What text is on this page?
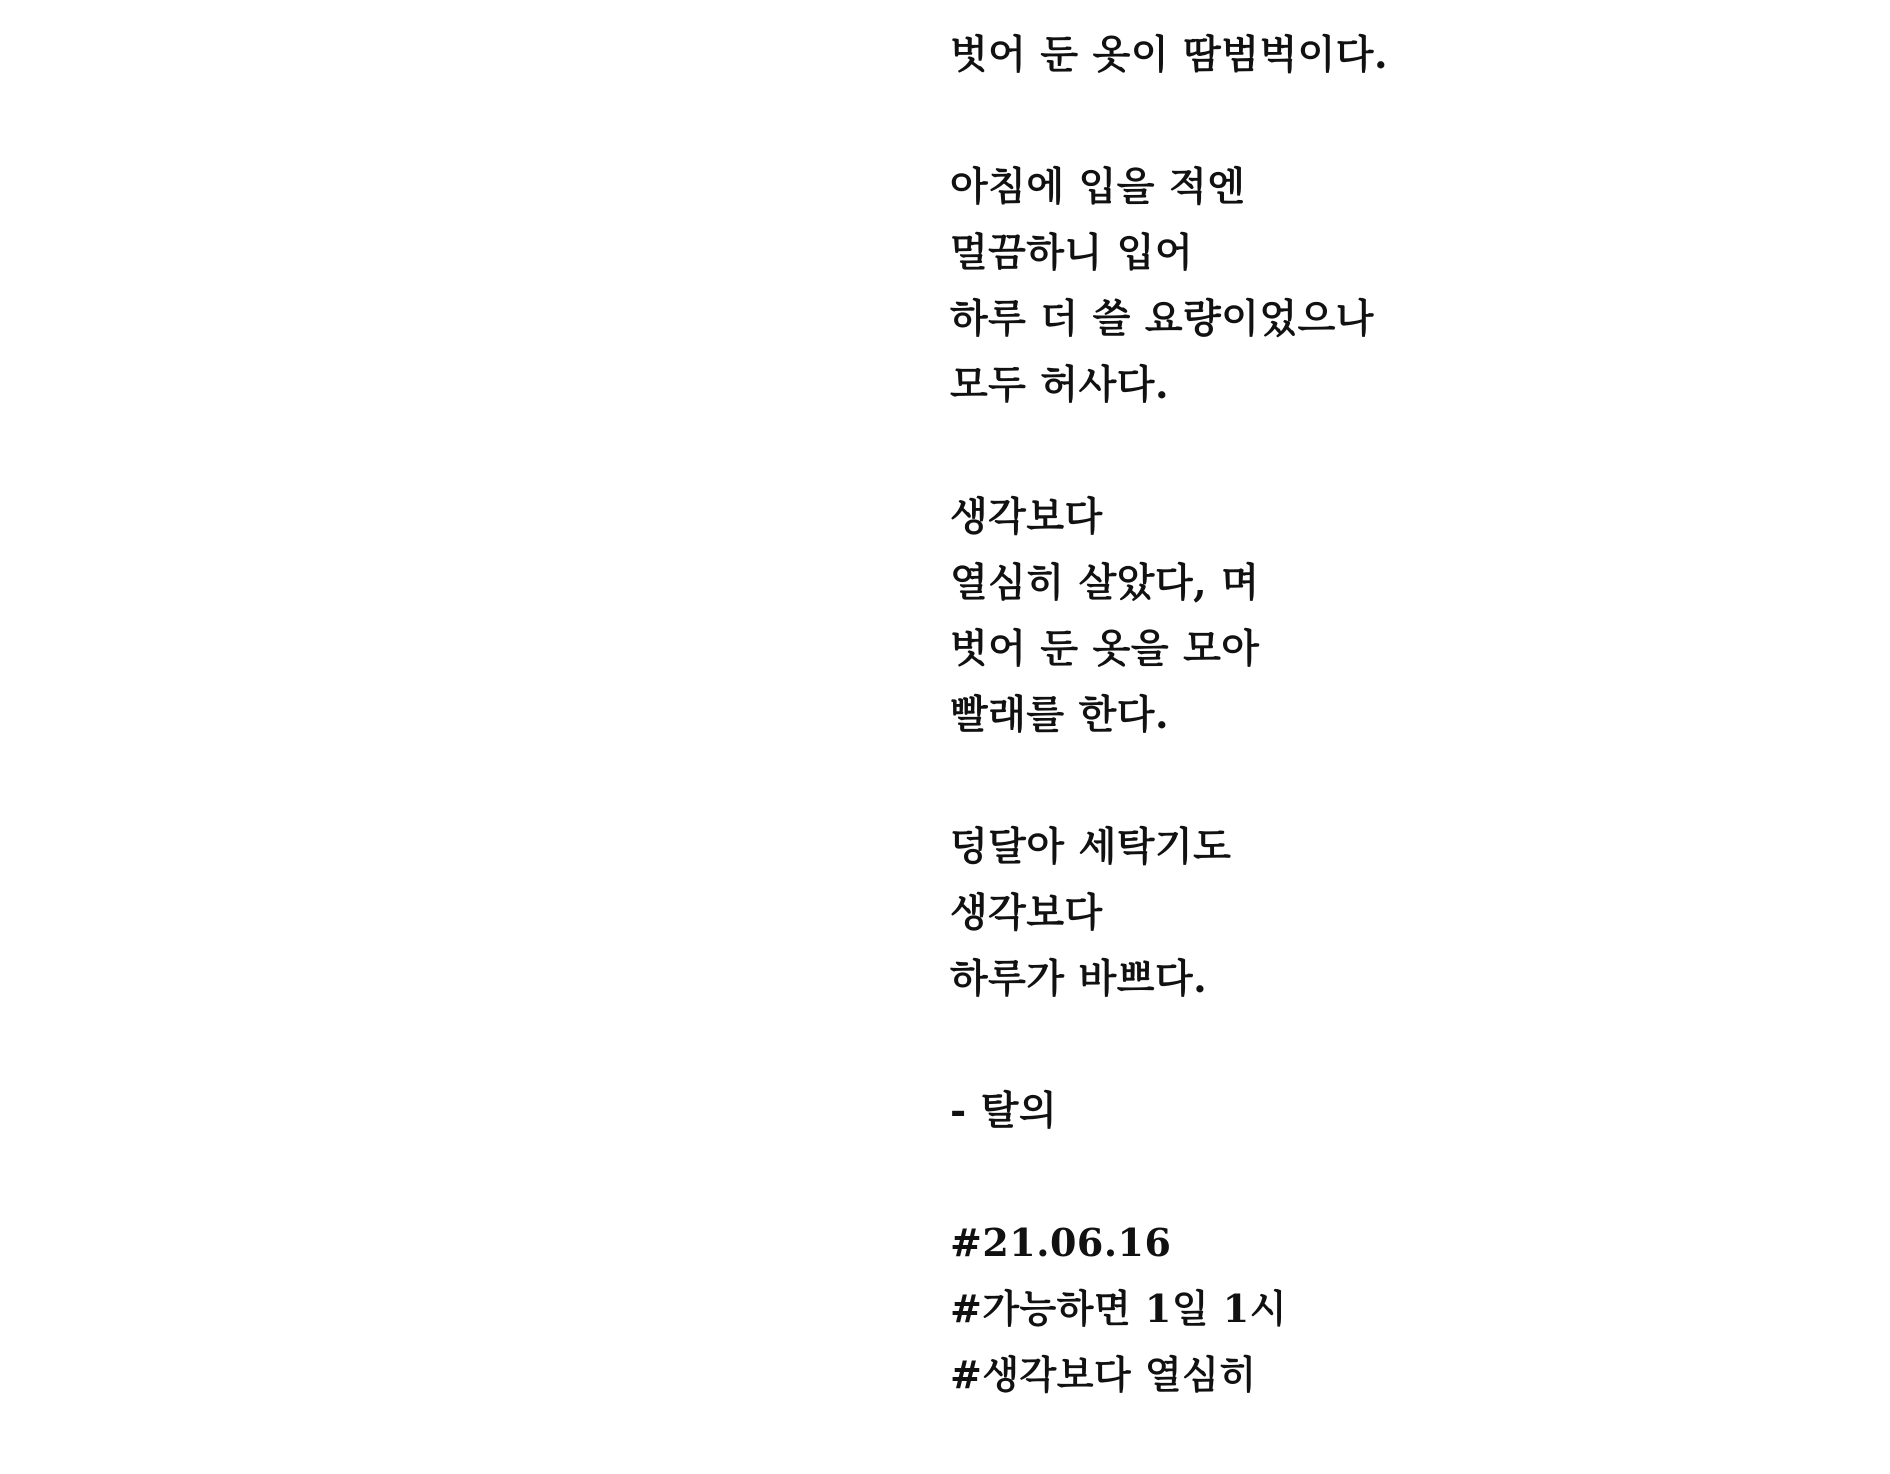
벗어 둔 옷이 땀범벅이다.
아침에 입을 적엔
멀끔하니 입어
하루 더 쓸 요량이었으나
모두 허사다.
생각보다
열심히 살았다, 며
벗어 둔 옷을 모아
빨래를 한다.
덩달아 세탁기도
생각보다
하루가 바쁘다.
- 탈의
#21.06.16
#가능하면 1일 1시
#생각보다 열심히
